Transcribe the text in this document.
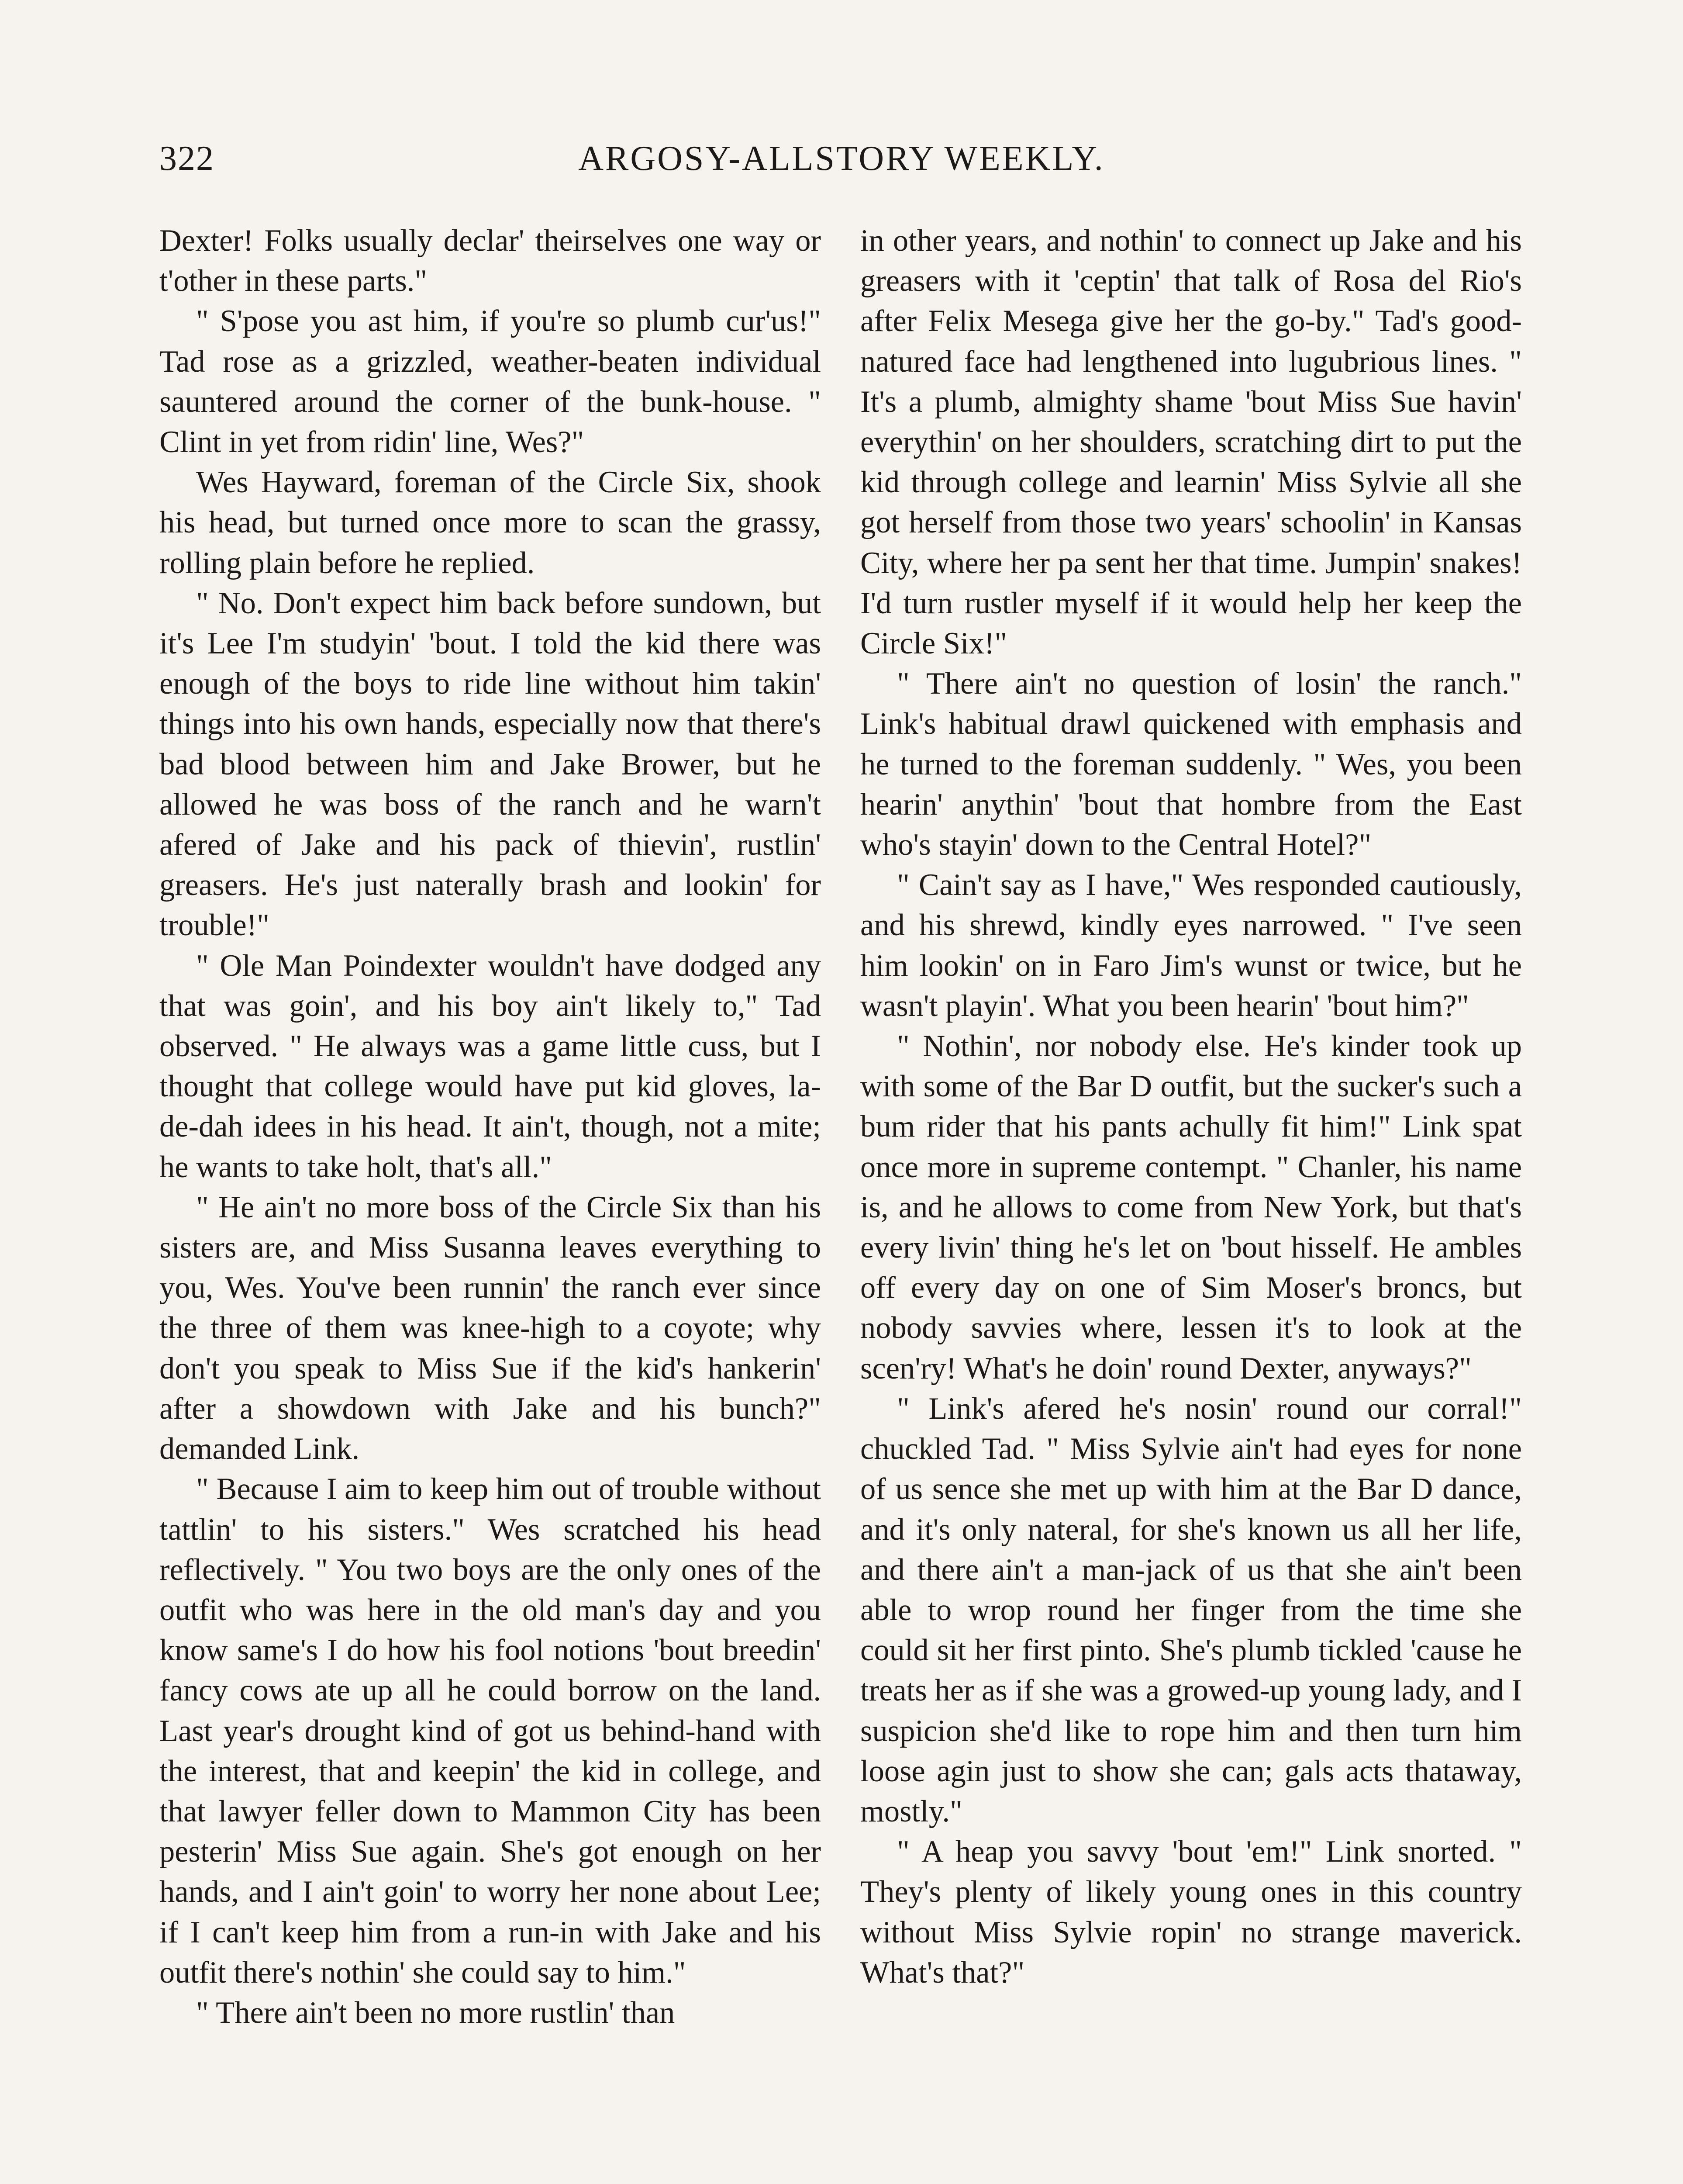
322	ARGOSY-ALLSTORY WEEKLY.

Dexter! Folks usually declar' theirselves one way or t'other in these parts."

" S'pose you ast him, if you're so plumb cur'us!" Tad rose as a grizzled, weather-beaten individual sauntered around the corner of the bunk-house. " Clint in yet from ridin' line, Wes?"

Wes Hayward, foreman of the Circle Six, shook his head, but turned once more to scan the grassy, rolling plain before he replied.

" No. Don't expect him back before sundown, but it's Lee I'm studyin' 'bout. I told the kid there was enough of the boys to ride line without him takin' things into his own hands, especially now that there's bad blood between him and Jake Brower, but he allowed he was boss of the ranch and he warn't afered of Jake and his pack of thievin', rustlin' greasers. He's just naterally brash and lookin' for trouble!"

" Ole Man Poindexter wouldn't have dodged any that was goin', and his boy ain't likely to," Tad observed. " He always was a game little cuss, but I thought that college would have put kid gloves, la-de-dah idees in his head. It ain't, though, not a mite; he wants to take holt, that's all."

" He ain't no more boss of the Circle Six than his sisters are, and Miss Susanna leaves everything to you, Wes. You've been runnin' the ranch ever since the three of them was knee-high to a coyote; why don't you speak to Miss Sue if the kid's hankerin' after a showdown with Jake and his bunch?" demanded Link.

" Because I aim to keep him out of trouble without tattlin' to his sisters." Wes scratched his head reflectively. " You two boys are the only ones of the outfit who was here in the old man's day and you know same's I do how his fool notions 'bout breedin' fancy cows ate up all he could borrow on the land. Last year's drought kind of got us behind-hand with the interest, that and keepin' the kid in college, and that lawyer feller down to Mammon City has been pesterin' Miss Sue again. She's got enough on her hands, and I ain't goin' to worry her none about Lee; if I can't keep him from a run-in with Jake and his outfit there's nothin' she could say to him."

" There ain't been no more rustlin' than

in other years, and nothin' to connect up Jake and his greasers with it 'ceptin' that talk of Rosa del Rio's after Felix Mesega give her the go-by." Tad's good-natured face had lengthened into lugubrious lines. " It's a plumb, almighty shame 'bout Miss Sue havin' everythin' on her shoulders, scratching dirt to put the kid through college and learnin' Miss Sylvie all she got herself from those two years' schoolin' in Kansas City, where her pa sent her that time. Jumpin' snakes! I'd turn rustler myself if it would help her keep the Circle Six!"

" There ain't no question of losin' the ranch." Link's habitual drawl quickened with emphasis and he turned to the foreman suddenly. " Wes, you been hearin' anythin' 'bout that hombre from the East who's stayin' down to the Central Hotel?"

" Cain't say as I have," Wes responded cautiously, and his shrewd, kindly eyes narrowed. " I've seen him lookin' on in Faro Jim's wunst or twice, but he wasn't playin'. What you been hearin' 'bout him?"

" Nothin', nor nobody else. He's kinder took up with some of the Bar D outfit, but the sucker's such a bum rider that his pants achully fit him!" Link spat once more in supreme contempt. " Chanler, his name is, and he allows to come from New York, but that's every livin' thing he's let on 'bout hisself. He ambles off every day on one of Sim Moser's broncs, but nobody savvies where, lessen it's to look at the scen'ry! What's he doin' round Dexter, anyways?"

" Link's afered he's nosin' round our corral!" chuckled Tad. " Miss Sylvie ain't had eyes for none of us sence she met up with him at the Bar D dance, and it's only nateral, for she's known us all her life, and there ain't a man-jack of us that she ain't been able to wrop round her finger from the time she could sit her first pinto. She's plumb tickled 'cause he treats her as if she was a growed-up young lady, and I suspicion she'd like to rope him and then turn him loose agin just to show she can; gals acts thataway, mostly."

" A heap you savvy 'bout 'em!" Link snorted. " They's plenty of likely young ones in this country without Miss Sylvie ropin' no strange maverick. What's that?"
